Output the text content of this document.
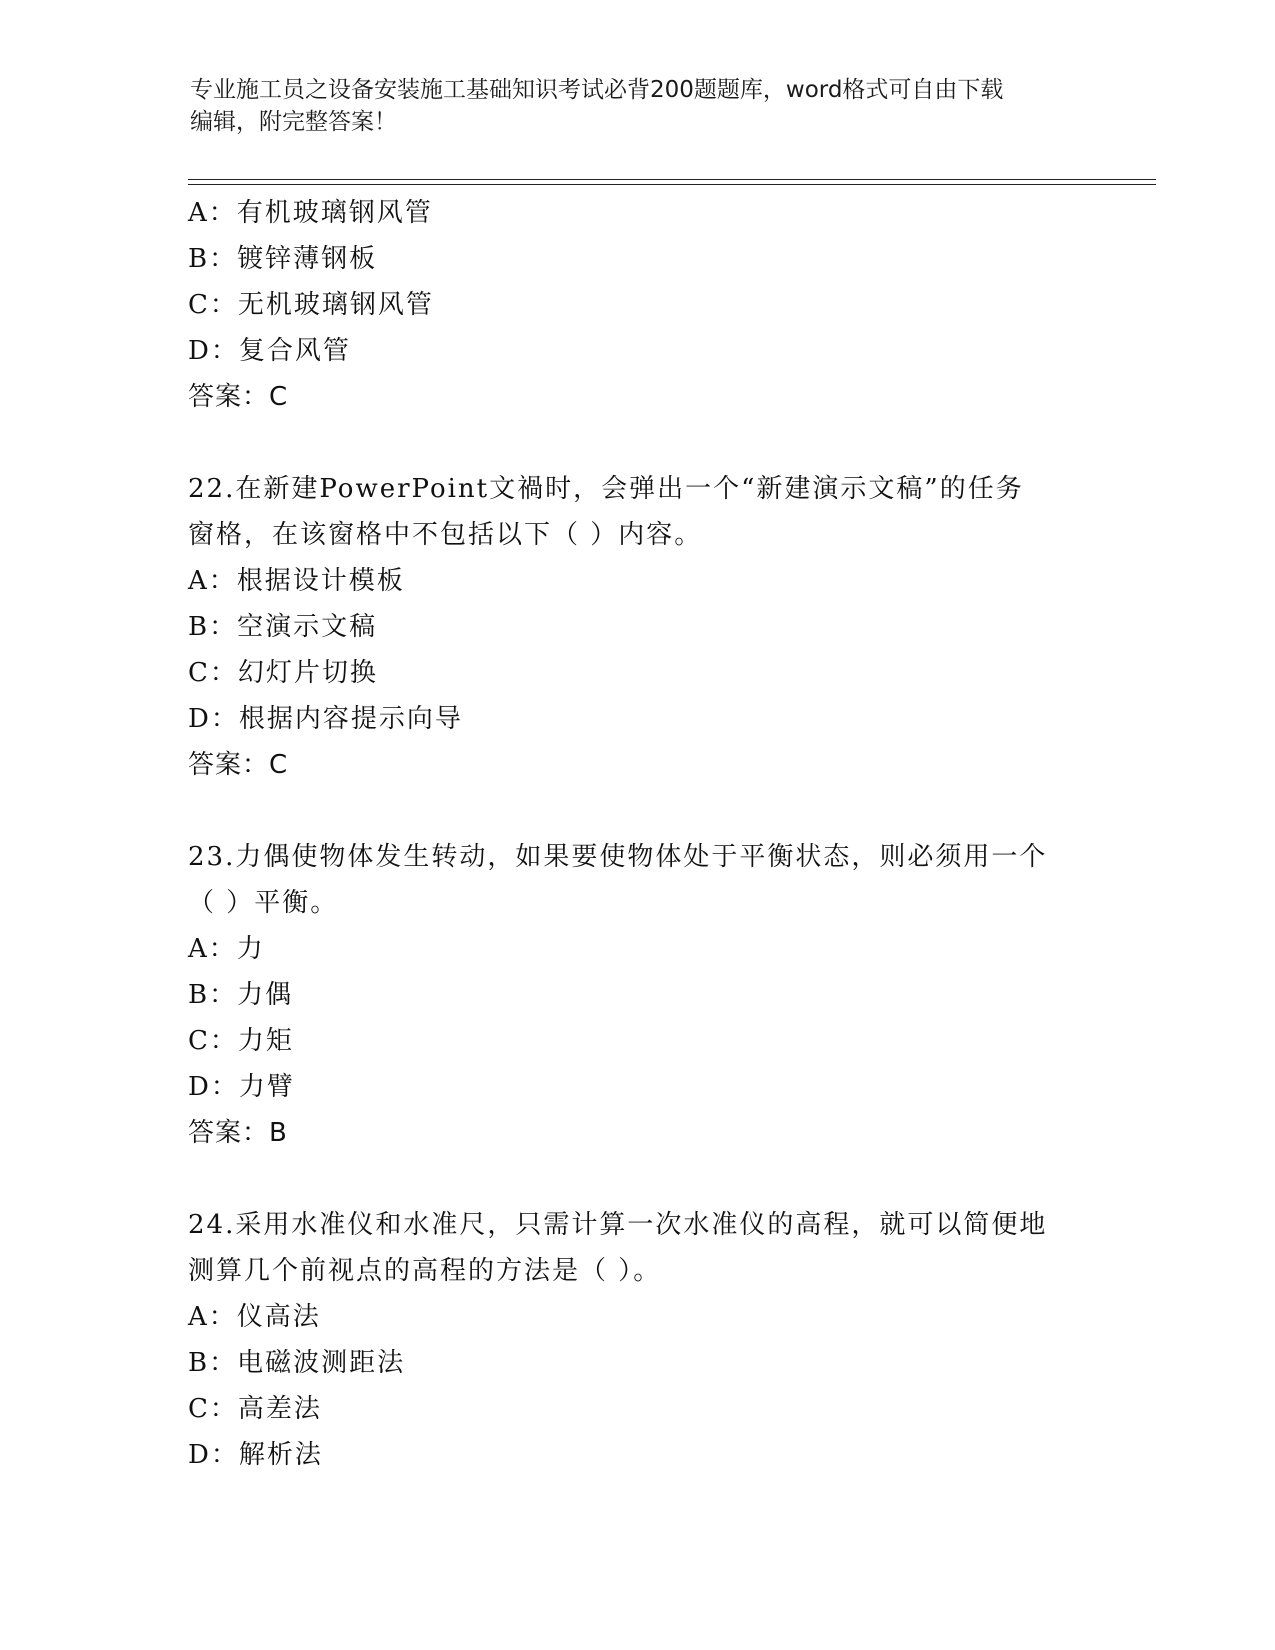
专业施工员之设备安装施工基础知识考试必背200题题库，word格式可自由下载
编辑，附完整答案！
A：有机玻璃钢风管
B：镀锌薄钢板
C：无机玻璃钢风管
D：复合风管
答案：C
22.在新建PowerPoint文禍时，会弹出一个“新建演示文稿”的任务
窗格，在该窗格中不包括以下（ ）内容。
A：根据设计模板
B：空演示文稿
C：幻灯片切换
D：根据内容提示向导
答案：C
23.力偶使物体发生转动，如果要使物体处于平衡状态，则必须用一个
（ ）平衡。
A：力
B：力偶
C：力矩
D：力臂
答案：B
24.采用水准仪和水准尺，只需计算一次水准仪的高程，就可以简便地
测算几个前视点的高程的方法是（ ）。
A：仪高法
B：电磁波测距法
C：高差法
D：解析法
